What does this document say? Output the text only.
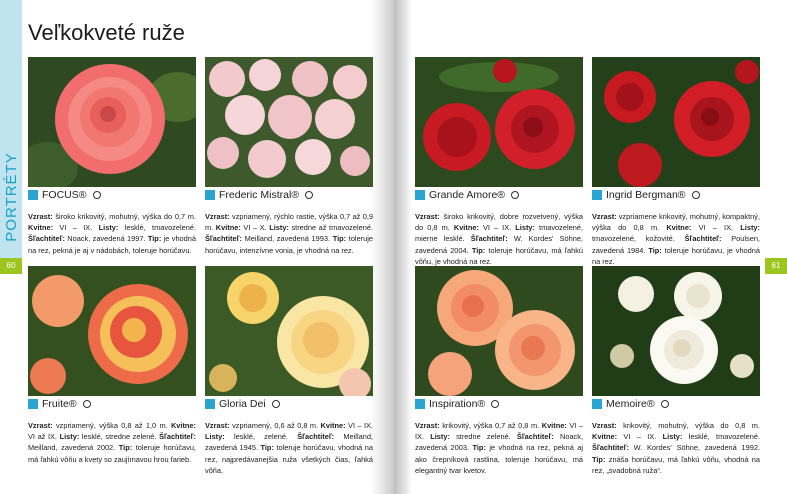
PORTRÉTY
60	61
Veľkokveté ruže
FOCUS®
Vzrast: široko krikovitý, mohutný, výška do 0,7 m. Kvitne: VI – IX. Listy: lesklé, tmavozelené. Šľachtiteľ: Noack, zavedená 1997. Tip: je vhodná na rez, pekná je aj v nádobách, toleruje horúčavu.
Frederic Mistral®
Vzrast: vzpriamený, rýchlo rastie, výška 0,7 až 0,9 m. Kvitne: VI – X. Listy: stredne až tmavozelené. Šľachtiteľ: Meilland, zavedená 1993. Tip: toleruje horúčavu, intenzívne vonia, je vhodná na rez.
Grande Amore®
Vzrast: široko krikovitý, dobre rozvetvený, výška do 0,8 m. Kvitne: VI – IX. Listy: tmavozelené, mierne lesklé. Šľachtiteľ: W. Kordes' Söhne, zavedená 2004. Tip: toleruje horúčavu, má ľahkú vôňu, je vhodná na rez.
Ingrid Bergman®
Vzrast: vzpriamene krikovitý, mohutný, kompaktný, výška do 0,8 m. Kvitne: VI – IX. Listy: tmavozelené, kožovité. Šľachtiteľ: Poulsen, zavedená 1984. Tip: toleruje horúčavu, je vhodná na rez.
Fruite®
Vzrast: vzpriamený, výška 0,8 až 1,0 m. Kvitne: VI až IX. Listy: lesklé, stredne zelené. Šľachtiteľ: Meilland, zavedená 2002. Tip: toleruje horúčavu, má ľahkú vôňu a kvety so zaujímavou hrou farieb.
Gloria Dei
Vzrast: vzpriamený, 0,6 až 0,8 m. Kvitne: VI – IX. Listy: lesklé, zelené. Šľachtiteľ: Meilland, zavedená 1945. Tip: toleruje horúčavu, vhodná na rez, najpredávanejšia ruža všetkých čias, ľahká vôňa.
Inspiration®
Vzrast: krikovitý, výška 0,7 až 0,8 m. Kvitne: VI – IX. Listy: stredne zelené. Šľachtiteľ: Noack, zavedená 2003. Tip: je vhodná na rez, pekná aj ako črepníková rastlina, toleruje horúčavu, má elegantný tvar kvetov.
Memoire®
Vzrast: krikovitý, mohutný, výška do 0,8 m. Kvitne: VI – IX. Listy: lesklé, tmavozelené. Šľachtiteľ: W. Kordes' Söhne, zavedená 1992. Tip: znáša horúčavu, má ľahkú vôňu, vhodná na rez, „svadobná ruža“.
